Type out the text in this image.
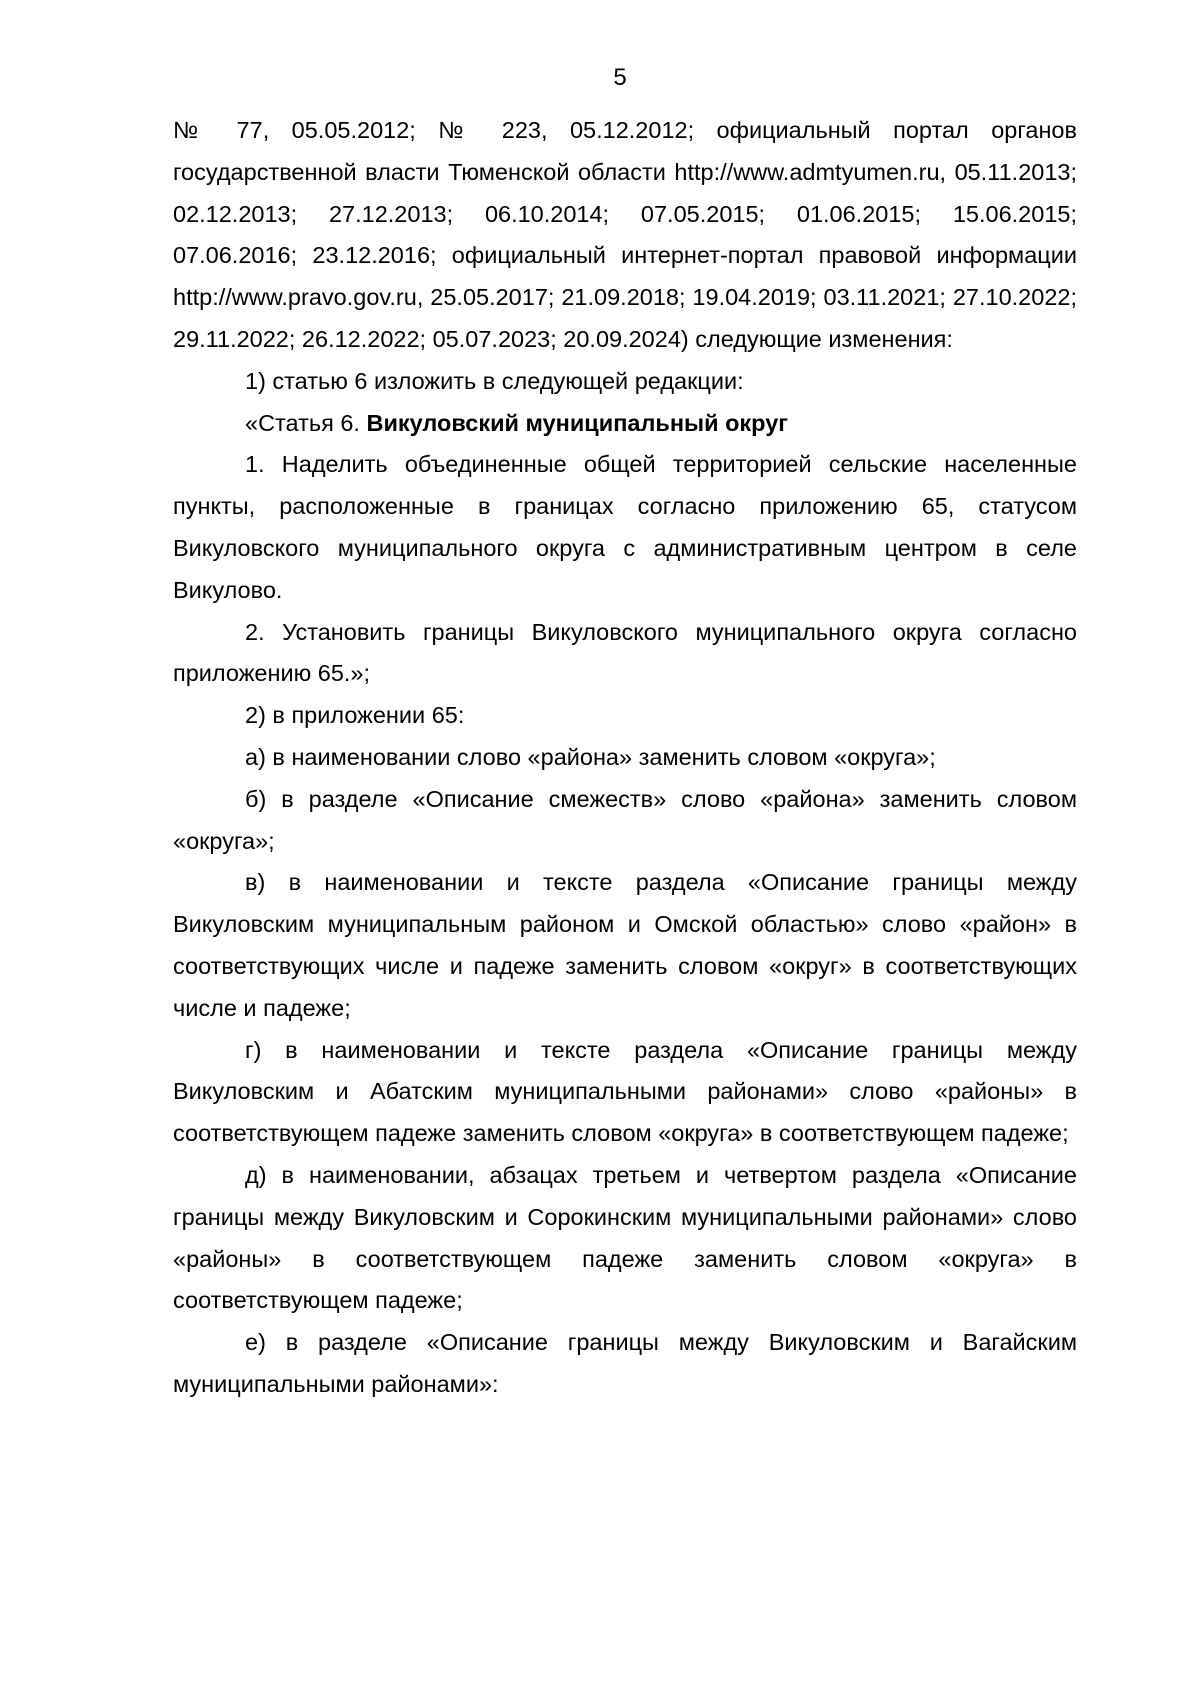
5

№ 77, 05.05.2012; № 223, 05.12.2012; официальный портал органов государственной власти Тюменской области http://www.admtyumen.ru, 05.11.2013; 02.12.2013; 27.12.2013; 06.10.2014; 07.05.2015; 01.06.2015; 15.06.2015; 07.06.2016; 23.12.2016; официальный интернет-портал правовой информации http://www.pravo.gov.ru, 25.05.2017; 21.09.2018; 19.04.2019; 03.11.2021; 27.10.2022; 29.11.2022; 26.12.2022; 05.07.2023; 20.09.2024) следующие изменения:

1) статью 6 изложить в следующей редакции:

«Статья 6. Викуловский муниципальный округ

1. Наделить объединенные общей территорией сельские населенные пункты, расположенные в границах согласно приложению 65, статусом Викуловского муниципального округа с административным центром в селе Викулово.

2. Установить границы Викуловского муниципального округа согласно приложению 65.»;

2) в приложении 65:

а) в наименовании слово «района» заменить словом «округа»;

б) в разделе «Описание смежеств» слово «района» заменить словом «округа»;

в) в наименовании и тексте раздела «Описание границы между Викуловским муниципальным районом и Омской областью» слово «район» в соответствующих числе и падеже заменить словом «округ» в соответствующих числе и падеже;

г) в наименовании и тексте раздела «Описание границы между Викуловским и Абатским муниципальными районами» слово «районы» в соответствующем падеже заменить словом «округа» в соответствующем падеже;

д) в наименовании, абзацах третьем и четвертом раздела «Описание границы между Викуловским и Сорокинским муниципальными районами» слово «районы» в соответствующем падеже заменить словом «округа» в соответствующем падеже;

е) в разделе «Описание границы между Викуловским и Вагайским муниципальными районами»:
